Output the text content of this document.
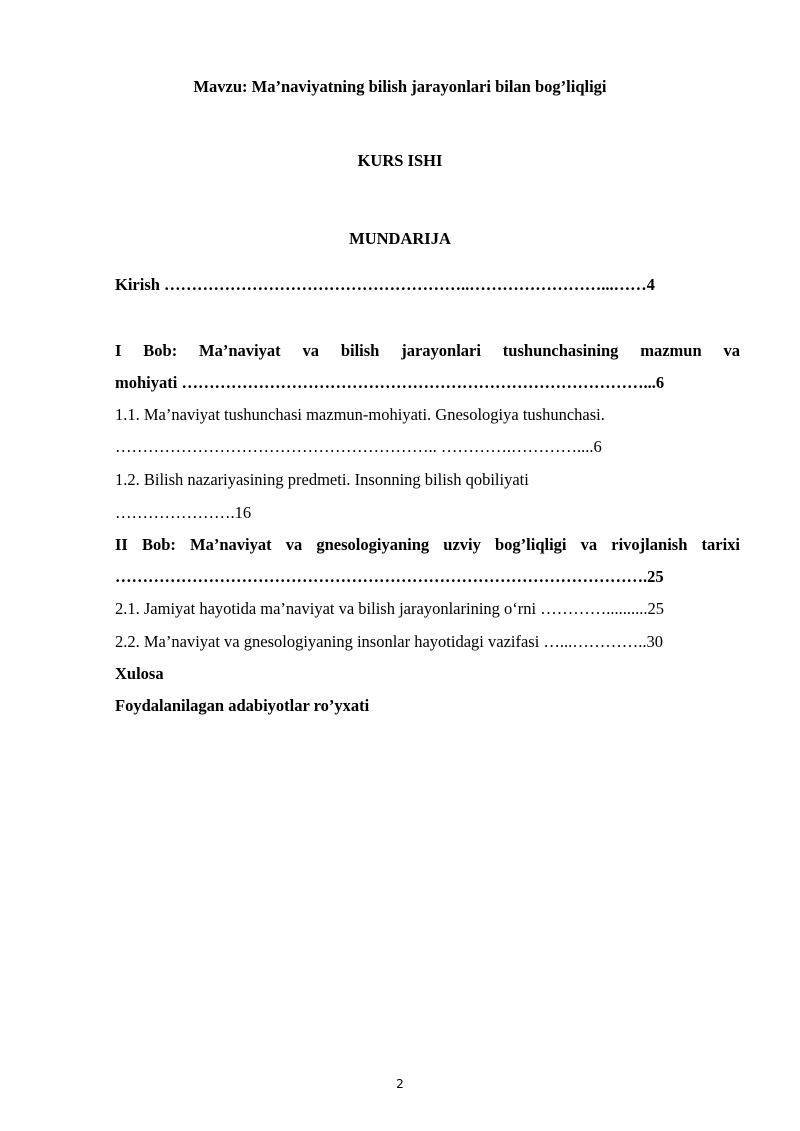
Mavzu: Ma’naviyatning bilish jarayonlari bilan bog’liqligi
KURS ISHI
MUNDARIJA
Kirish ………………………………………………..……………………...……4
I Bob: Ma’naviyat va bilish jarayonlari tushunchasining mazmun va
mohiyati …………………………………………………………………………...6
1.1. Ma’naviyat tushunchasi mazmun-mohiyati. Gnesologiya tushunchasi.
………………………………………………….. ………….…………....6
1.2. Bilish nazariyasining predmeti. Insonning bilish qobiliyati
………………….16
II Bob: Ma’naviyat va gnesologiyaning uzviy bog’liqligi va rivojlanish tarixi
…………………………………………………………………………………….25
2.1. Jamiyat hayotida ma’naviyat va bilish jarayonlarining oʻrni …………..........25
2.2. Ma’naviyat va gnesologiyaning insonlar hayotidagi vazifasi …...…………..30
Xulosa
Foydalanilagan adabiyotlar ro’yxati
2
